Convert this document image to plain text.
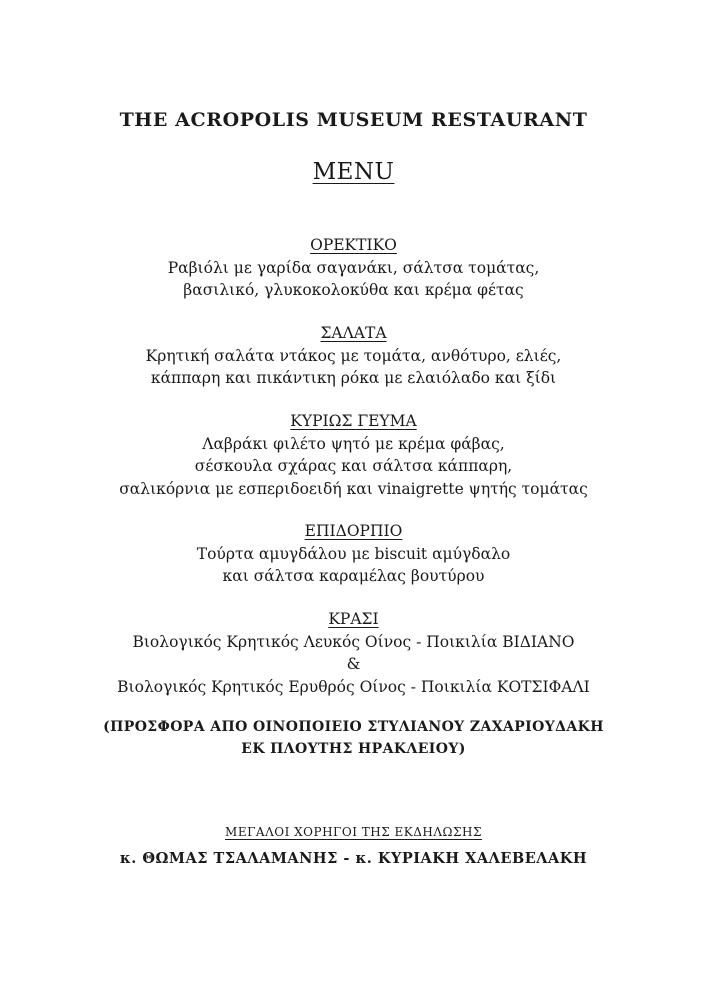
THE ACROPOLIS MUSEUM RESTAURANT
MENU
ΟΡΕΚΤΙΚΟ
Ραβιόλι με γαρίδα σαγανάκι, σάλτσα τομάτας,
βασιλικό, γλυκοκολοκύθα και κρέμα φέτας
ΣΑΛΑΤΑ
Κρητική σαλάτα ντάκος με τομάτα, ανθότυρο, ελιές,
κάππαρη και πικάντικη ρόκα με ελαιόλαδο και ξίδι
ΚΥΡΙΩΣ ΓΕΥΜΑ
Λαβράκι φιλέτο ψητό με κρέμα φάβας,
σέσκουλα σχάρας και σάλτσα κάππαρη,
σαλικόρνια με εσπεριδοειδή και vinaigrette ψητής τομάτας
ΕΠΙΔΟΡΠΙΟ
Τούρτα αμυγδάλου με biscuit αμύγδαλο
και σάλτσα καραμέλας βουτύρου
ΚΡΑΣΙ
Βιολογικός Κρητικός Λευκός Οίνος - Ποικιλία ΒΙΔΙΑΝΟ
&
Βιολογικός Κρητικός Ερυθρός Οίνος - Ποικιλία ΚΟΤΣΙΦΑΛΙ
(ΠΡΟΣΦΟΡΑ ΑΠΟ ΟΙΝΟΠΟΙΕΙΟ ΣΤΥΛΙΑΝΟΥ ΖΑΧΑΡΙΟΥΔΑΚΗ
ΕΚ ΠΛΟΥΤΗΣ ΗΡΑΚΛΕΙΟΥ)
ΜΕΓΑΛΟΙ ΧΟΡΗΓΟΙ ΤΗΣ ΕΚΔΗΛΩΣΗΣ
κ. ΘΩΜΑΣ ΤΣΑΛΑΜΑΝΗΣ - κ. ΚΥΡΙΑΚΗ ΧΑΛΕΒΕΛΑΚΗ
